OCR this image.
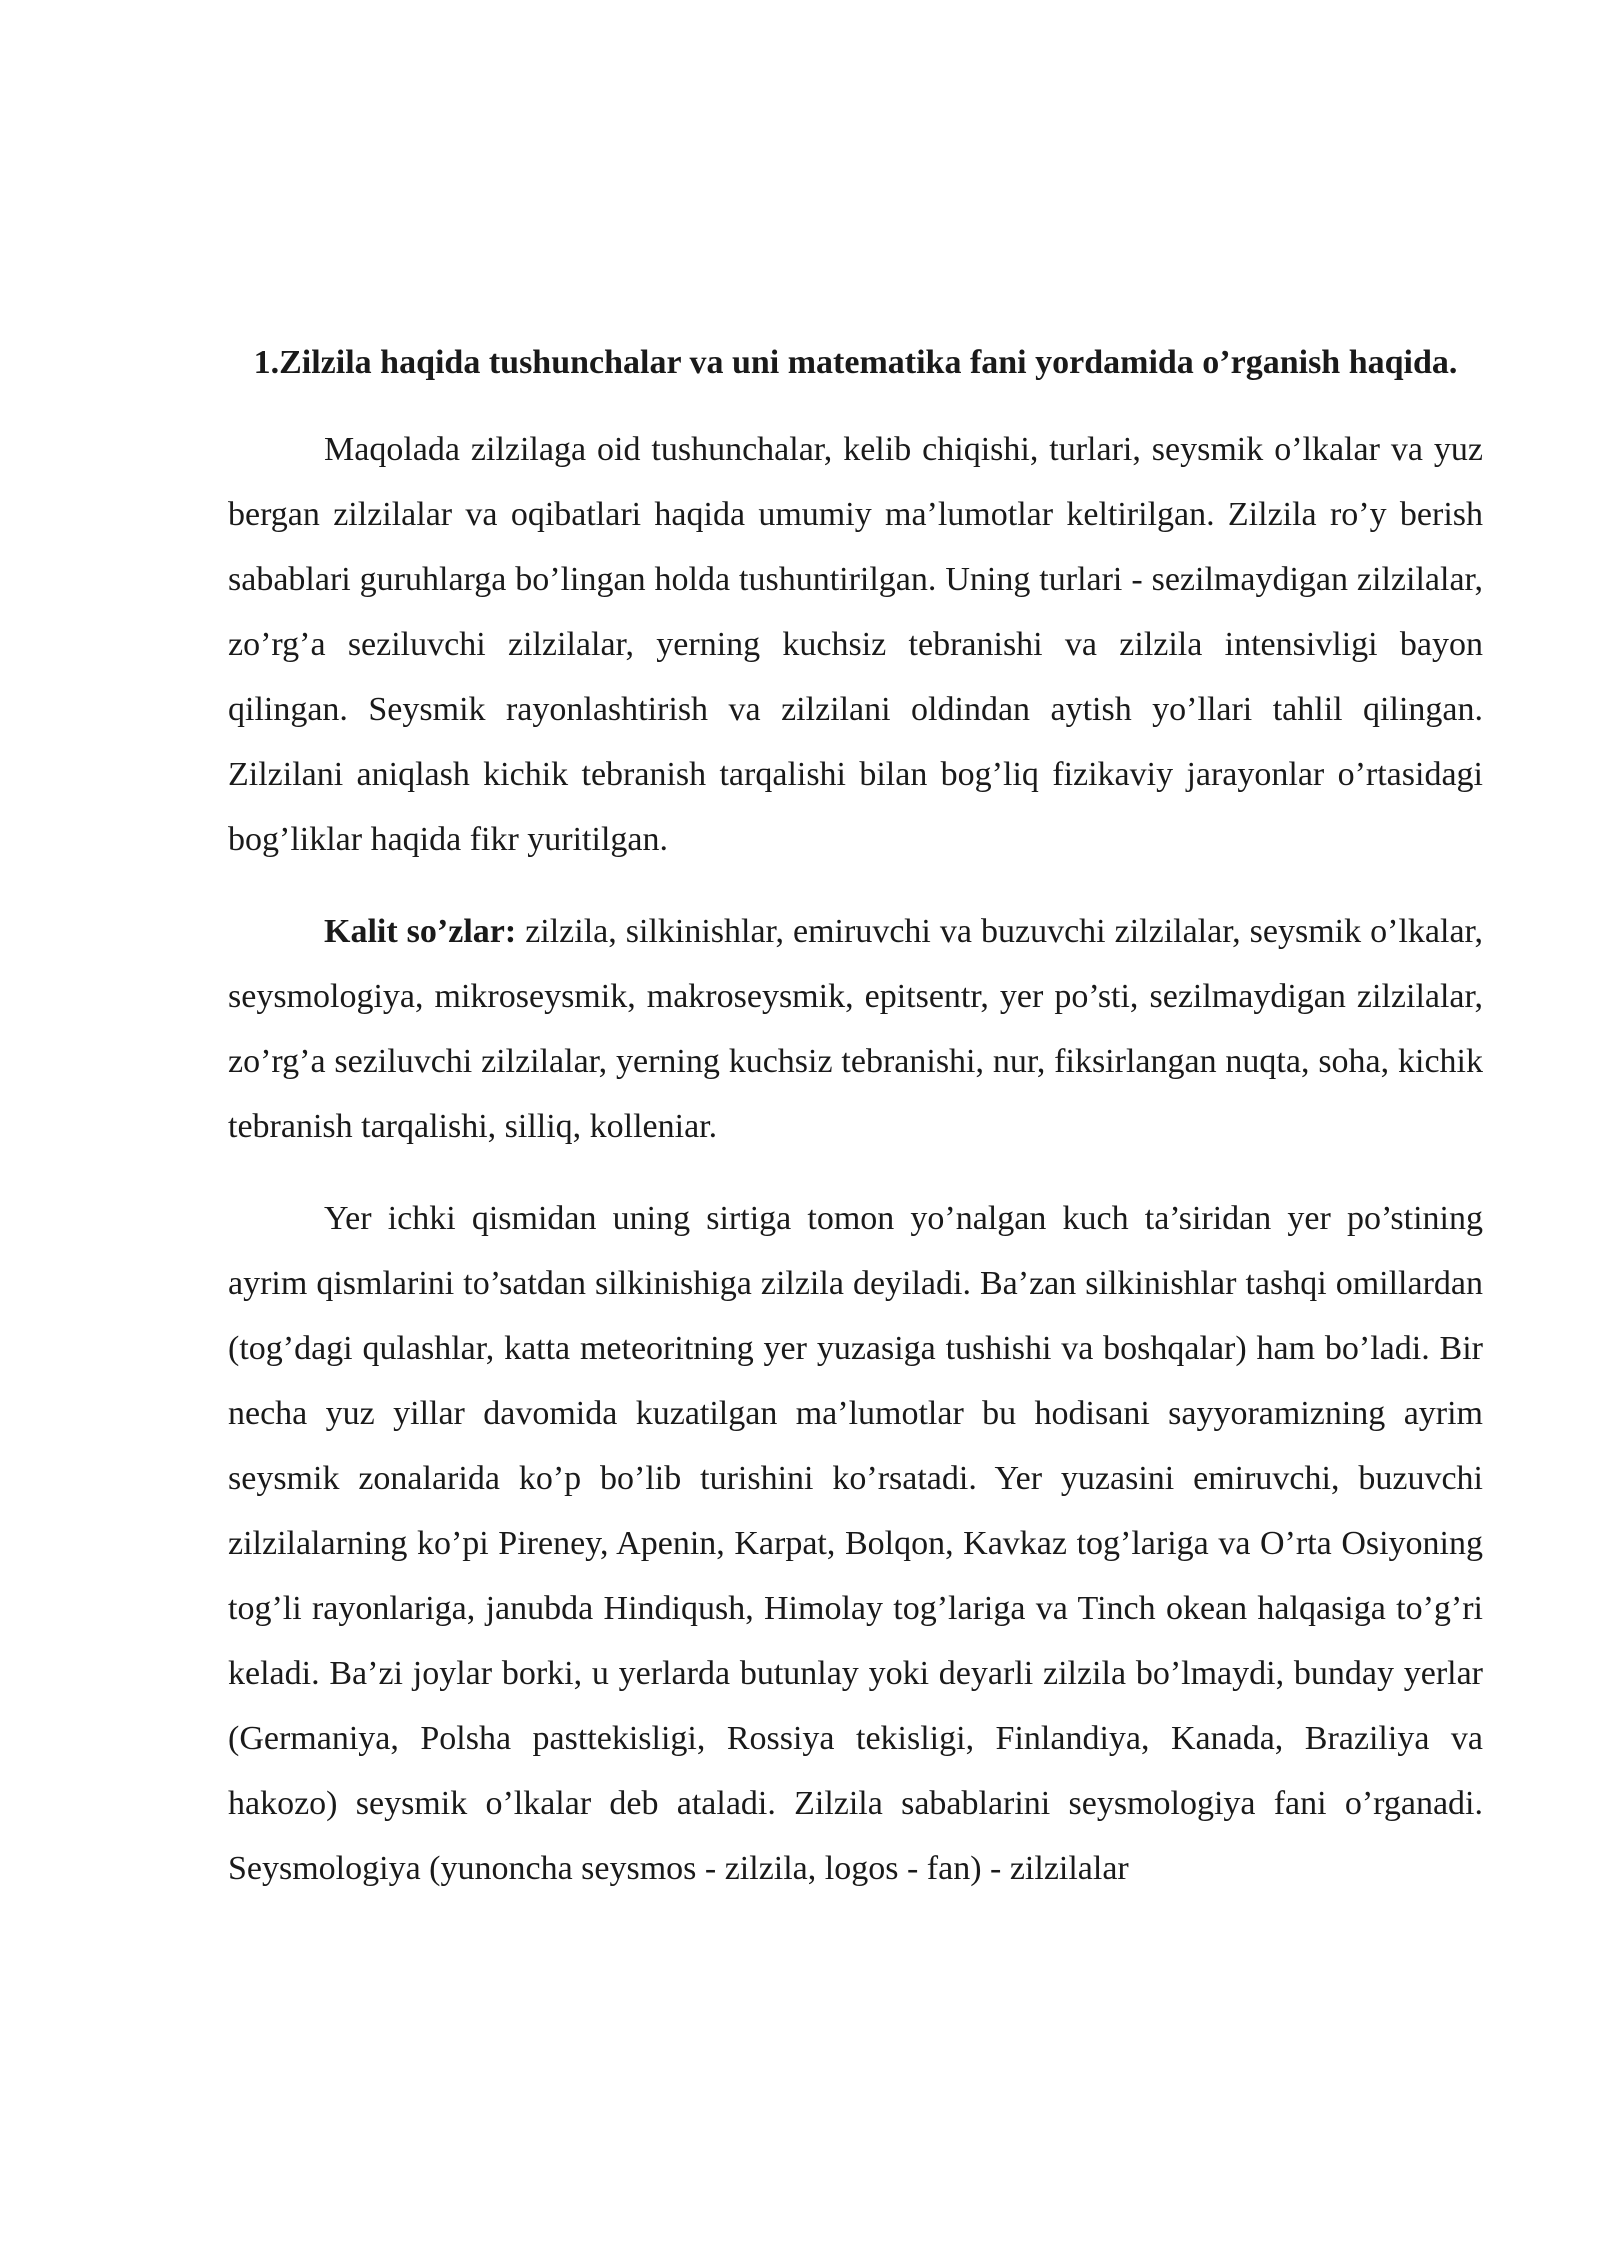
1.Zilzila haqida tushunchalar va uni matematika fani yordamida o’rganish haqida.

Maqolada zilzilaga oid tushunchalar, kelib chiqishi, turlari, seysmik o’lkalar va yuz bergan zilzilalar va oqibatlari haqida umumiy ma’lumotlar keltirilgan. Zilzila ro’y berish sabablari guruhlarga bo’lingan holda tushuntirilgan. Uning turlari - sezilmaydigan zilzilalar, zo’rg’a seziluvchi zilzilalar, yerning kuchsiz tebranishi va zilzila intensivligi bayon qilingan. Seysmik rayonlashtirish va zilzilani oldindan aytish yo’llari tahlil qilingan. Zilzilani aniqlash kichik tebranish tarqalishi bilan bog’liq fizikaviy jarayonlar o’rtasidagi bog’liklar haqida fikr yuritilgan.

Kalit so’zlar: zilzila, silkinishlar, emiruvchi va buzuvchi zilzilalar, seysmik o’lkalar, seysmologiya, mikroseysmik, makroseysmik, epitsentr, yer po’sti, sezilmaydigan zilzilalar, zo’rg’a seziluvchi zilzilalar, yerning kuchsiz tebranishi, nur, fiksirlangan nuqta, soha, kichik tebranish tarqalishi, silliq, kolleniar.

Yer ichki qismidan uning sirtiga tomon yo’nalgan kuch ta’siridan yer po’stining ayrim qismlarini to’satdan silkinishiga zilzila deyiladi. Ba’zan silkinishlar tashqi omillardan (tog’dagi qulashlar, katta meteoritning yer yuzasiga tushishi va boshqalar) ham bo’ladi. Bir necha yuz yillar davomida kuzatilgan ma’lumotlar bu hodisani sayyoramizning ayrim seysmik zonalarida ko’p bo’lib turishini ko’rsatadi. Yer yuzasini emiruvchi, buzuvchi zilzilalarning ko’pi Pireney, Apenin, Karpat, Bolqon, Kavkaz tog’lariga va O’rta Osiyoning tog’li rayonlariga, janubda Hindiqush, Himolay tog’lariga va Tinch okean halqasiga to’g’ri keladi. Ba’zi joylar borki, u yerlarda butunlay yoki deyarli zilzila bo’lmaydi, bunday yerlar (Germaniya, Polsha pasttekisligi, Rossiya tekisligi, Finlandiya, Kanada, Braziliya va hakozo) seysmik o’lkalar deb ataladi. Zilzila sabablarini seysmologiya fani o’rganadi. Seysmologiya (yunoncha seysmos - zilzila, logos - fan) - zilzilalar
